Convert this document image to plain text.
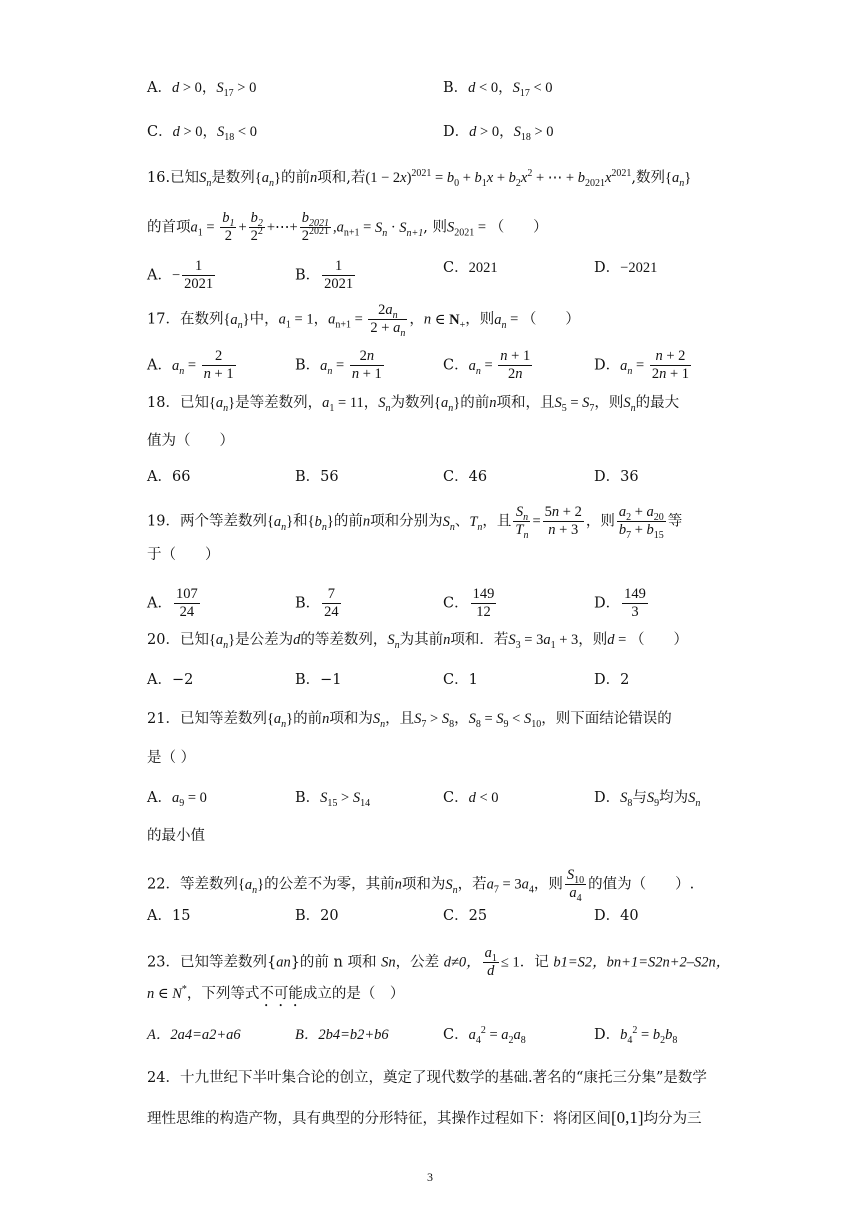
A．d > 0，$S_{17} > 0$	B．d < 0，$S_{17} < 0$
C．d > 0，$S_{18} < 0$	D．d > 0，$S_{18} > 0$
16.已知$S_n$是数列$\{a_n\}$的前n项和,若$(1 - 2x)^{2021} = b_0 + b_1x + b_2x^2$ + ⋯ + $b_{2021}x^{2021}$,数列$\{a_n\}$
的首项$a_1 = \frac{b_1}{2} + \frac{b_2}{2^2}$ +⋯+ $\frac{b_{2021}}{2^{2021}} ,a_{n+1} = S_n \cdot S_{n+1}$, 则$S_{2021}$ = （　　）
A．− $\frac{1}{2021}$	B． $\frac{1}{2021}$	C．2021	D．−2021
17．在数列$\{a_n\}$中，$a_1 = 1$，$a_{n+1} = \frac{2a_n}{2 + a_n}$ ，n ∈ $N_+$，则$a_n$ = （　　）
A．$a_n = \frac{2}{n + 1}$	B．$a_n = \frac{2n}{n + 1}$	C．$a_n = \frac{n + 1}{2n}$	D．$a_n = \frac{n + 2}{2n + 1}$
18．已知$\{a_n\}$是等差数列，$a_1 = 11$，$S_n$为数列$\{a_n\}$的前n项和，且$S_5 = S_7$，则$S_n$的最大
值为（　　）
A．66	B．56	C．46	D．36
19．两个等差数列$\{a_n\}$和$\{b_n\}$的前n项和分别为$S_n$、$T_n$，且 $\frac{S_n}{T_n} = \frac{5n + 2}{n + 3}$ ，则 $\frac{a_2 + a_{20}}{b_7 + b_{15}}$ 等
于（　　）
A． $\frac{107}{24}$	B． $\frac{7}{24}$	C． $\frac{149}{12}$	D． $\frac{149}{3}$
20．已知$\{a_n\}$是公差为d的等差数列，$S_n$为其前n项和．若$S_3 = 3a_1 + 3$，则d = （　　）
A．−2	B．−1	C．1	D．2
21．已知等差数列$\{a_n\}$的前n项和为$S_n$，且$S_7 > S_8$，$S_8 = S_9 < S_{10}$，则下面结论错误的
是（ ）
A．$a_9 = 0$	B．$S_{15} > S_{14}$	C．d < 0	D．$S_8$与$S_9$均为$S_n$
的最小值
22．等差数列$\{a_n\}$的公差不为零，其前n项和为$S_n$，若$a_7 = 3a_4$，则 $\frac{S_{10}}{a_4}$ 的值为（　　）.
A．15	B．20	C．25	D．40
23．已知等差数列{an}的前 n 项和 Sn，公差 d≠0， $\frac{a_1}{d} \le 1$．记 b1=S2，bn+1=S2n+2–S2n，
n ∈ N*，下列等式不可能成立的是（　）
A．2a4=a2+a6	B．2b4=b2+b6	C．$a_4^2 = a_2a_8$	D．$b_4^2 = b_2b_8$
24．十九世纪下半叶集合论的创立，奠定了现代数学的基础.著名的“康托三分集”是数学
理性思维的构造产物，具有典型的分形特征，其操作过程如下：将闭区间[0,1]均分为三
3
